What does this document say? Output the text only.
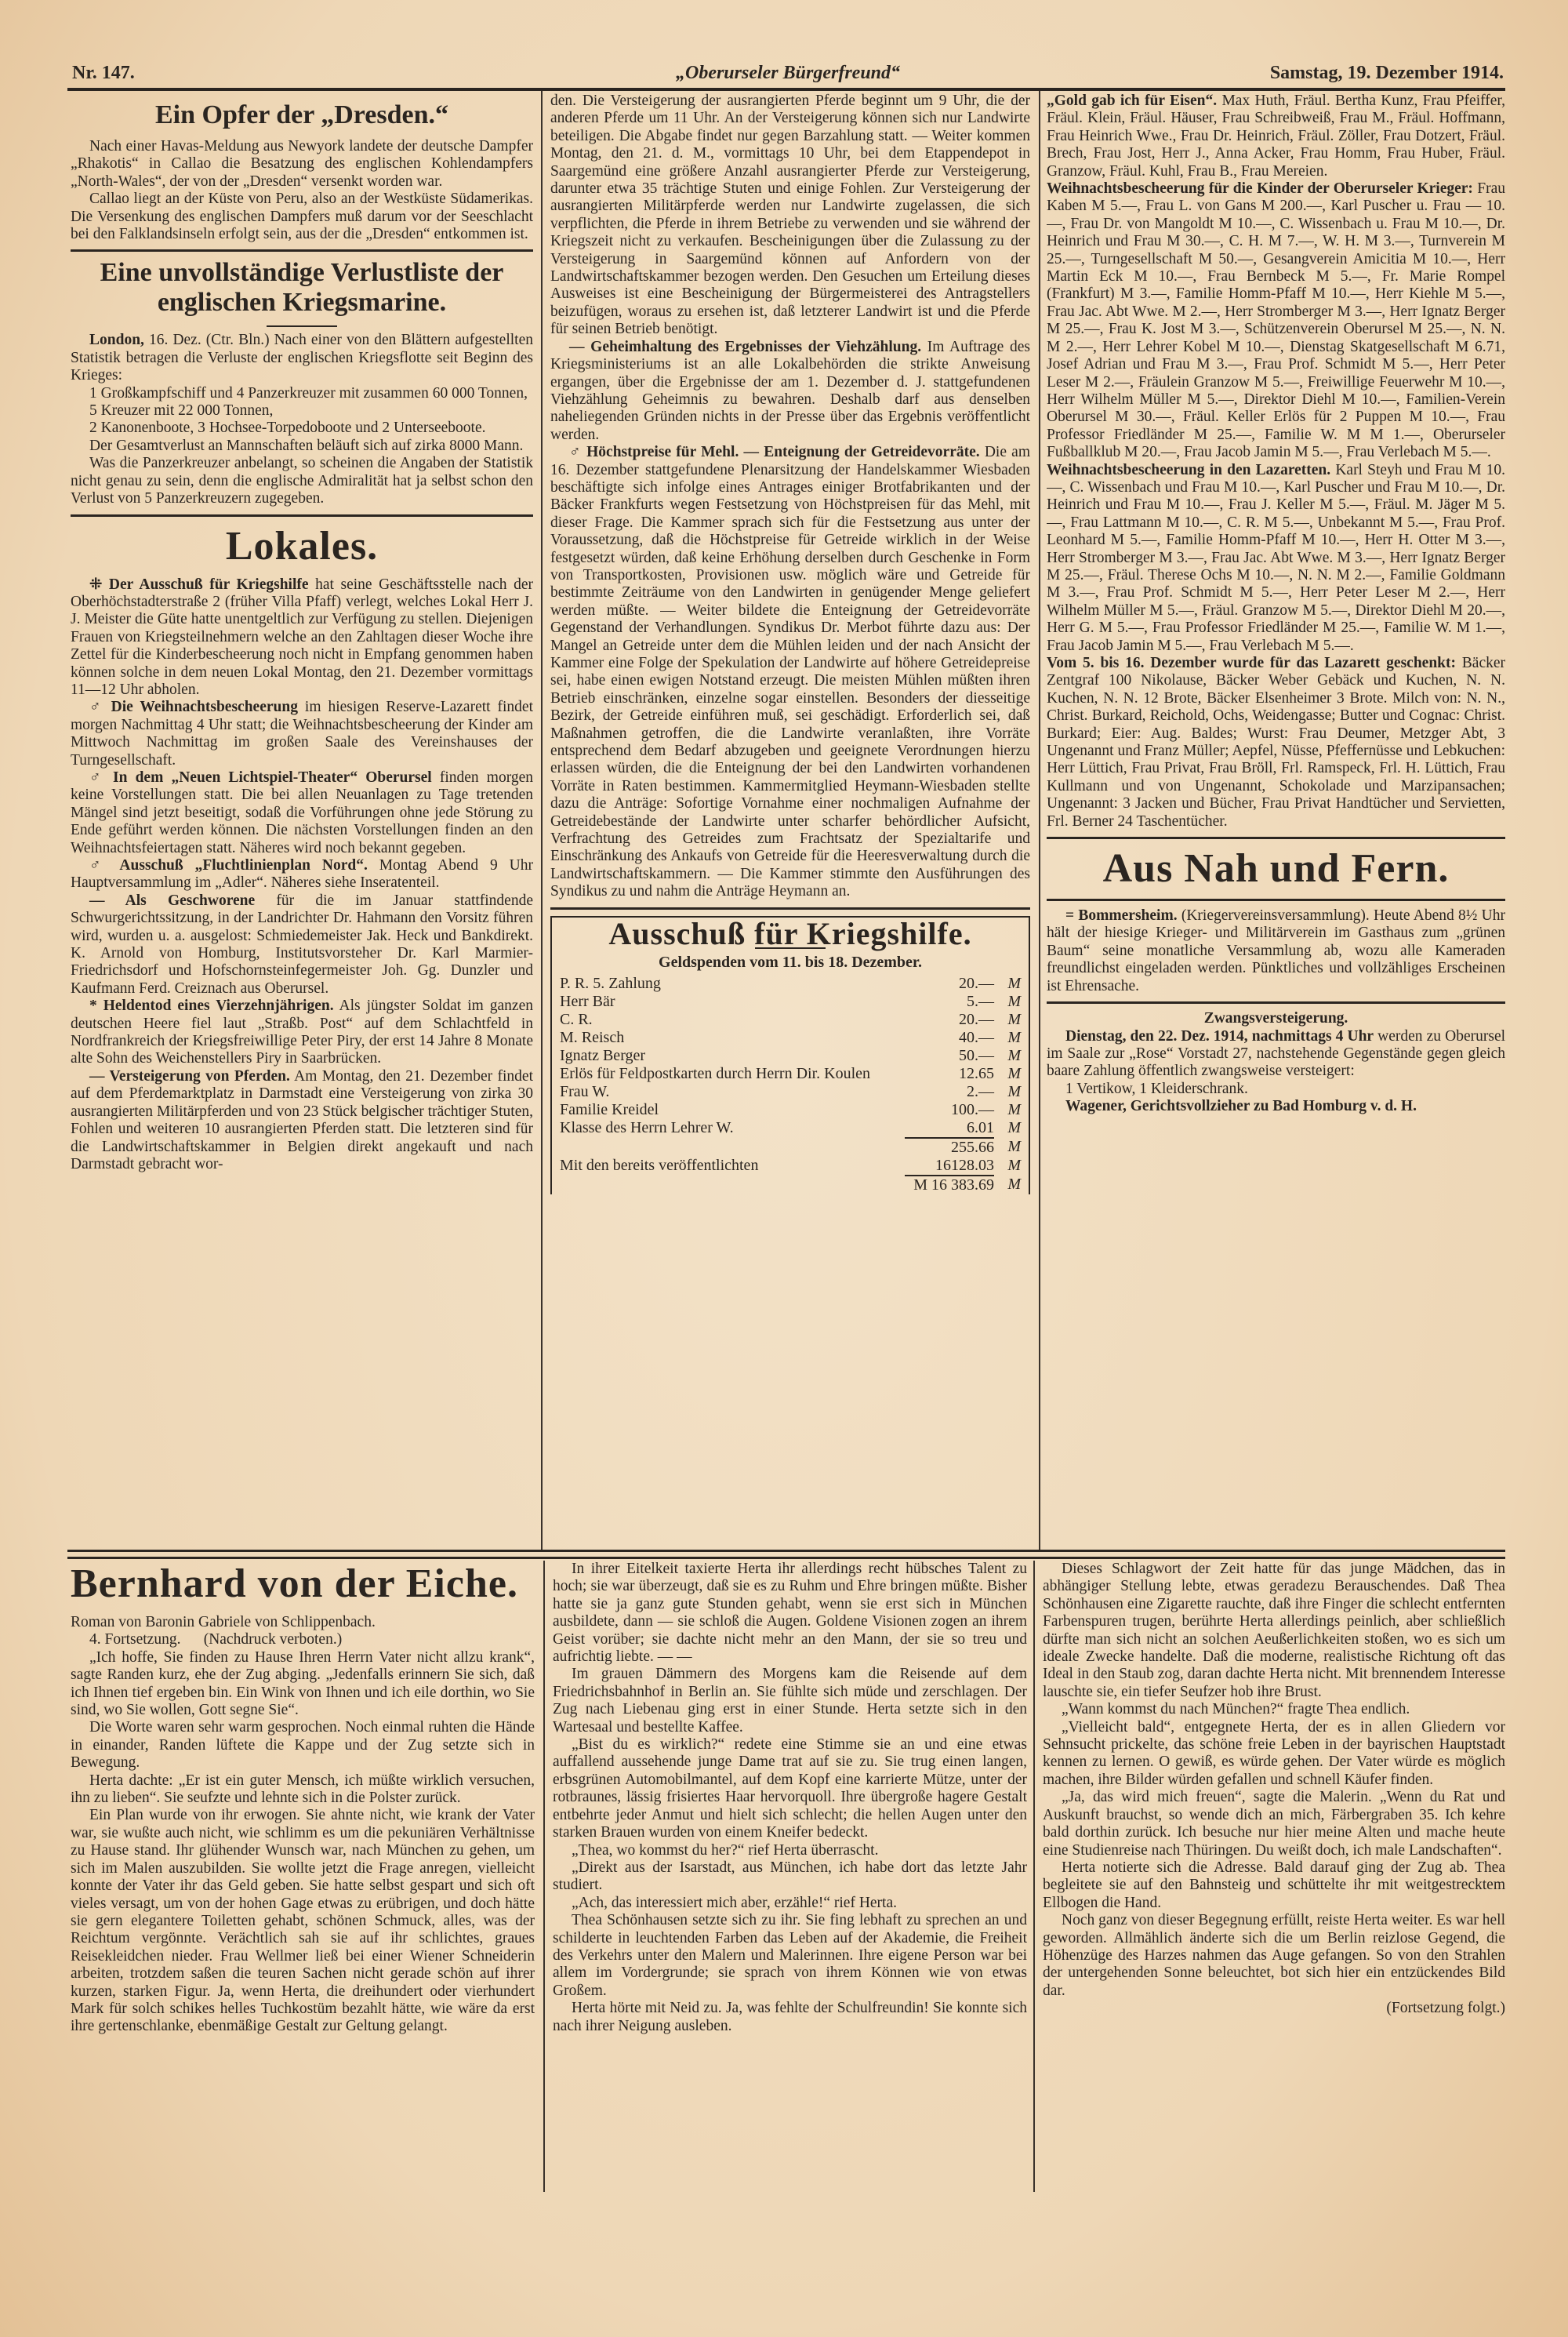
Nr. 147.	„Oberurseler Bürgerfreund“	Samstag, 19. Dezember 1914.
Ein Opfer der „Dresden.“

Nach einer Havas-Meldung aus Newyork landete der deutsche Dampfer „Rhakotis“ in Callao die Besatzung des englischen Kohlendampfers „North-Wales“, der von der „Dresden“ versenkt worden war.

Callao liegt an der Küste von Peru, also an der Westküste Südamerikas. Die Versenkung des englischen Dampfers muß darum vor der Seeschlacht bei den Falklandsinseln erfolgt sein, aus der die „Dresden“ entkommen ist.

Eine unvollständige Verlustliste der englischen Kriegsmarine.

London, 16. Dez. (Ctr. Bln.) Nach einer von den Blättern aufgestellten Statistik betragen die Verluste der englischen Kriegsflotte seit Beginn des Krieges:

1 Großkampfschiff und 4 Panzerkreuzer mit zusammen 60 000 Tonnen,

5 Kreuzer mit 22 000 Tonnen,

2 Kanonenboote, 3 Hochsee-Torpedoboote und 2 Unterseeboote.

Der Gesamtverlust an Mannschaften beläuft sich auf zirka 8000 Mann.

Was die Panzerkreuzer anbelangt, so scheinen die Angaben der Statistik nicht genau zu sein, denn die englische Admiralität hat ja selbst schon den Verlust von 5 Panzerkreuzern zugegeben.

Lokales.

⁜ Der Ausschuß für Kriegshilfe hat seine Geschäftsstelle nach der Oberhöchstadterstraße 2 (früher Villa Pfaff) verlegt, welches Lokal Herr J. J. Meister die Güte hatte unentgeltlich zur Verfügung zu stellen. Diejenigen Frauen von Kriegsteilnehmern welche an den Zahltagen dieser Woche ihre Zettel für die Kinderbescheerung noch nicht in Empfang genommen haben können solche in dem neuen Lokal Montag, den 21. Dezember vormittags 11—12 Uhr abholen.

♂ Die Weihnachtsbescheerung im hiesigen Reserve-Lazarett findet morgen Nachmittag 4 Uhr statt; die Weihnachtsbescheerung der Kinder am Mittwoch Nachmittag im großen Saale des Vereinshauses der Turngesellschaft.

♂ In dem „Neuen Lichtspiel-Theater“ Oberursel finden morgen keine Vorstellungen statt. Die bei allen Neuanlagen zu Tage tretenden Mängel sind jetzt beseitigt, sodaß die Vorführungen ohne jede Störung zu Ende geführt werden können. Die nächsten Vorstellungen finden an den Weihnachtsfeiertagen statt. Näheres wird noch bekannt gegeben.

♂ Ausschuß „Fluchtlinienplan Nord“. Montag Abend 9 Uhr Hauptversammlung im „Adler“. Näheres siehe Inseratenteil.

— Als Geschworene für die im Januar stattfindende Schwurgerichtssitzung, in der Landrichter Dr. Hahmann den Vorsitz führen wird, wurden u. a. ausgelost: Schmiedemeister Jak. Heck und Bankdirekt. K. Arnold von Homburg, Institutsvorsteher Dr. Karl Marmier-Friedrichsdorf und Hofschornsteinfegermeister Joh. Gg. Dunzler und Kaufmann Ferd. Creiznach aus Oberursel.

* Heldentod eines Vierzehnjährigen. Als jüngster Soldat im ganzen deutschen Heere fiel laut „Straßb. Post“ auf dem Schlachtfeld in Nordfrankreich der Kriegsfreiwillige Peter Piry, der erst 14 Jahre 8 Monate alte Sohn des Weichenstellers Piry in Saarbrücken.

— Versteigerung von Pferden. Am Montag, den 21. Dezember findet auf dem Pferdemarktplatz in Darmstadt eine Versteigerung von zirka 30 ausrangierten Militärpferden und von 23 Stück belgischer trächtiger Stuten, Fohlen und weiteren 10 ausrangierten Pferden statt. Die letzteren sind für die Landwirtschaftskammer in Belgien direkt angekauft und nach Darmstadt gebracht wor-

den. Die Versteigerung der ausrangierten Pferde beginnt um 9 Uhr, die der anderen Pferde um 11 Uhr. An der Versteigerung können sich nur Landwirte beteiligen. Die Abgabe findet nur gegen Barzahlung statt. — Weiter kommen Montag, den 21. d. M., vormittags 10 Uhr, bei dem Etappendepot in Saargemünd eine größere Anzahl ausrangierter Pferde zur Versteigerung, darunter etwa 35 trächtige Stuten und einige Fohlen. Zur Versteigerung der ausrangierten Militärpferde werden nur Landwirte zugelassen, die sich verpflichten, die Pferde in ihrem Betriebe zu verwenden und sie während der Kriegszeit nicht zu verkaufen. Bescheinigungen über die Zulassung zu der Versteigerung in Saargemünd können auf Anfordern von der Landwirtschaftskammer bezogen werden. Den Gesuchen um Erteilung dieses Ausweises ist eine Bescheinigung der Bürgermeisterei des Antragstellers beizufügen, woraus zu ersehen ist, daß letzterer Landwirt ist und die Pferde für seinen Betrieb benötigt.

— Geheimhaltung des Ergebnisses der Viehzählung. Im Auftrage des Kriegsministeriums ist an alle Lokalbehörden die strikte Anweisung ergangen, über die Ergebnisse der am 1. Dezember d. J. stattgefundenen Viehzählung Geheimnis zu bewahren. Deshalb darf aus denselben naheliegenden Gründen nichts in der Presse über das Ergebnis veröffentlicht werden.

♂ Höchstpreise für Mehl. — Enteignung der Getreidevorräte. Die am 16. Dezember stattgefundene Plenarsitzung der Handelskammer Wiesbaden beschäftigte sich infolge eines Antrages einiger Brotfabrikanten und der Bäcker Frankfurts wegen Festsetzung von Höchstpreisen für das Mehl, mit dieser Frage. Die Kammer sprach sich für die Festsetzung aus unter der Voraussetzung, daß die Höchstpreise für Getreide wirklich in der Weise festgesetzt würden, daß keine Erhöhung derselben durch Geschenke in Form von Transportkosten, Provisionen usw. möglich wäre und Getreide für bestimmte Zeiträume von den Landwirten in genügender Menge geliefert werden müßte. — Weiter bildete die Enteignung der Getreidevorräte Gegenstand der Verhandlungen. Syndikus Dr. Merbot führte dazu aus: Der Mangel an Getreide unter dem die Mühlen leiden und der nach Ansicht der Kammer eine Folge der Spekulation der Landwirte auf höhere Getreidepreise sei, habe einen ewigen Notstand erzeugt. Die meisten Mühlen müßten ihren Betrieb einschränken, einzelne sogar einstellen. Besonders der diesseitige Bezirk, der Getreide einführen muß, sei geschädigt. Erforderlich sei, daß Maßnahmen getroffen, die die Landwirte veranlaßten, ihre Vorräte entsprechend dem Bedarf abzugeben und geeignete Verordnungen hierzu erlassen würden, die die Enteignung der bei den Landwirten vorhandenen Vorräte in Raten bestimmen. Kammermitglied Heymann-Wiesbaden stellte dazu die Anträge: Sofortige Vornahme einer nochmaligen Aufnahme der Getreidebestände der Landwirte unter scharfer behördlicher Aufsicht, Verfrachtung des Getreides zum Frachtsatz der Spezialtarife und Einschränkung des Ankaufs von Getreide für die Heeresverwaltung durch die Landwirtschaftskammern. — Die Kammer stimmte den Ausführungen des Syndikus zu und nahm die Anträge Heymann an.

Ausschuß für Kriegshilfe.
Geldspenden vom 11. bis 18. Dezember.
P. R. 5. Zahlung	20.—	M
Herr Bär	5.—	M
C. R.	20.—	M
M. Reisch	40.—	M
Ignatz Berger	50.—	M
Erlös für Feldpostkarten durch Herrn Dir. Koulen	12.65	M
Frau W.	2.—	M
Familie Kreidel	100.—	M
Klasse des Herrn Lehrer W.	6.01	M
	255.66	M
Mit den bereits veröffentlichten	16128.03	M
	M 16 383.69	M

„Gold gab ich für Eisen“. Max Huth, Fräul. Bertha Kunz, Frau Pfeiffer, Fräul. Klein, Fräul. Häuser, Frau Schreibweiß, Frau M., Fräul. Hoffmann, Frau Heinrich Wwe., Frau Dr. Heinrich, Fräul. Zöller, Frau Dotzert, Fräul. Brech, Frau Jost, Herr J., Anna Acker, Frau Homm, Frau Huber, Fräul. Granzow, Fräul. Kuhl, Frau B., Frau Mereien.

Weihnachtsbescheerung für die Kinder der Oberurseler Krieger: Frau Kaben M 5.—, Frau L. von Gans M 200.—, Karl Puscher u. Frau — 10.—, Frau Dr. von Mangoldt M 10.—, C. Wissenbach u. Frau M 10.—, Dr. Heinrich und Frau M 30.—, C. H. M 7.—, W. H. M 3.—, Turnverein M 25.—, Turngesellschaft M 50.—, Gesangverein Amicitia M 10.—, Herr Martin Eck M 10.—, Frau Bernbeck M 5.—, Fr. Marie Rompel (Frankfurt) M 3.—, Familie Homm-Pfaff M 10.—, Herr Kiehle M 5.—, Frau Jac. Abt Wwe. M 2.—, Herr Stromberger M 3.—, Herr Ignatz Berger M 25.—, Frau K. Jost M 3.—, Schützenverein Oberursel M 25.—, N. N. M 2.—, Herr Lehrer Kobel M 10.—, Dienstag Skatgesellschaft M 6.71, Josef Adrian und Frau M 3.—, Frau Prof. Schmidt M 5.—, Herr Peter Leser M 2.—, Fräulein Granzow M 5.—, Freiwillige Feuerwehr M 10.—, Herr Wilhelm Müller M 5.—, Direktor Diehl M 10.—, Familien-Verein Oberursel M 30.—, Fräul. Keller Erlös für 2 Puppen M 10.—, Frau Professor Friedländer M 25.—, Familie W. M M 1.—, Oberurseler Fußballklub M 20.—, Frau Jacob Jamin M 5.—, Frau Verlebach M 5.—.

Weihnachtsbescheerung in den Lazaretten. Karl Steyh und Frau M 10.—, C. Wissenbach und Frau M 10.—, Karl Puscher und Frau M 10.—, Dr. Heinrich und Frau M 10.—, Frau J. Keller M 5.—, Fräul. M. Jäger M 5.—, Frau Lattmann M 10.—, C. R. M 5.—, Unbekannt M 5.—, Frau Prof. Leonhard M 5.—, Familie Homm-Pfaff M 10.—, Herr H. Otter M 3.—, Herr Stromberger M 3.—, Frau Jac. Abt Wwe. M 3.—, Herr Ignatz Berger M 25.—, Fräul. Therese Ochs M 10.—, N. N. M 2.—, Familie Goldmann M 3.—, Frau Prof. Schmidt M 5.—, Herr Peter Leser M 2.—, Herr Wilhelm Müller M 5.—, Fräul. Granzow M 5.—, Direktor Diehl M 20.—, Herr G. M 5.—, Frau Professor Friedländer M 25.—, Familie W. M 1.—, Frau Jacob Jamin M 5.—, Frau Verlebach M 5.—.

Vom 5. bis 16. Dezember wurde für das Lazarett geschenkt: Bäcker Zentgraf 100 Nikolause, Bäcker Weber Gebäck und Kuchen, N. N. Kuchen, N. N. 12 Brote, Bäcker Elsenheimer 3 Brote. Milch von: N. N., Christ. Burkard, Reichold, Ochs, Weidengasse; Butter und Cognac: Christ. Burkard; Eier: Aug. Baldes; Wurst: Frau Deumer, Metzger Abt, 3 Ungenannt und Franz Müller; Aepfel, Nüsse, Pfeffernüsse und Lebkuchen: Herr Lüttich, Frau Privat, Frau Bröll, Frl. Ramspeck, Frl. H. Lüttich, Frau Kullmann und von Ungenannt, Schokolade und Marzipansachen; Ungenannt: 3 Jacken und Bücher, Frau Privat Handtücher und Servietten, Frl. Berner 24 Taschentücher.

Aus Nah und Fern.

= Bommersheim. (Kriegervereinsversammlung). Heute Abend 8½ Uhr hält der hiesige Krieger- und Militärverein im Gasthaus zum „grünen Baum“ seine monatliche Versammlung ab, wozu alle Kameraden freundlichst eingeladen werden. Pünktliches und vollzähliges Erscheinen ist Ehrensache.

Zwangsversteigerung.

Dienstag, den 22. Dez. 1914, nachmittags 4 Uhr werden zu Oberursel im Saale zur „Rose“ Vorstadt 27, nachstehende Gegenstände gegen gleich baare Zahlung öffentlich zwangsweise versteigert:

1 Vertikow, 1 Kleiderschrank.

Wagener, Gerichtsvollzieher zu Bad Homburg v. d. H.

Bernhard von der Eiche.

Roman von Baronin Gabriele von Schlippenbach.

4. Fortsetzung. (Nachdruck verboten.)

„Ich hoffe, Sie finden zu Hause Ihren Herrn Vater nicht allzu krank“, sagte Randen kurz, ehe der Zug abging. „Jedenfalls erinnern Sie sich, daß ich Ihnen tief ergeben bin. Ein Wink von Ihnen und ich eile dorthin, wo Sie sind, wo Sie wollen, Gott segne Sie“.

Die Worte waren sehr warm gesprochen. Noch einmal ruhten die Hände in einander, Randen lüftete die Kappe und der Zug setzte sich in Bewegung.

Herta dachte: „Er ist ein guter Mensch, ich müßte wirklich versuchen, ihn zu lieben“. Sie seufzte und lehnte sich in die Polster zurück.

Ein Plan wurde von ihr erwogen. Sie ahnte nicht, wie krank der Vater war, sie wußte auch nicht, wie schlimm es um die pekuniären Verhältnisse zu Hause stand. Ihr glühender Wunsch war, nach München zu gehen, um sich im Malen auszubilden. Sie wollte jetzt die Frage anregen, vielleicht konnte der Vater ihr das Geld geben. Sie hatte selbst gespart und sich oft vieles versagt, um von der hohen Gage etwas zu erübrigen, und doch hätte sie gern elegantere Toiletten gehabt, schönen Schmuck, alles, was der Reichtum vergönnte. Verächtlich sah sie auf ihr schlichtes, graues Reisekleidchen nieder. Frau Wellmer ließ bei einer Wiener Schneiderin arbeiten, trotzdem saßen die teuren Sachen nicht gerade schön auf ihrer kurzen, starken Figur. Ja, wenn Herta, die dreihundert oder vierhundert Mark für solch schikes helles Tuchkostüm bezahlt hätte, wie wäre da erst ihre gertenschlanke, ebenmäßige Gestalt zur Geltung gelangt.

In ihrer Eitelkeit taxierte Herta ihr allerdings recht hübsches Talent zu hoch; sie war überzeugt, daß sie es zu Ruhm und Ehre bringen müßte. Bisher hatte sie ja ganz gute Stunden gehabt, wenn sie erst sich in München ausbildete, dann — sie schloß die Augen. Goldene Visionen zogen an ihrem Geist vorüber; sie dachte nicht mehr an den Mann, der sie so treu und aufrichtig liebte. — —

Im grauen Dämmern des Morgens kam die Reisende auf dem Friedrichsbahnhof in Berlin an. Sie fühlte sich müde und zerschlagen. Der Zug nach Liebenau ging erst in einer Stunde. Herta setzte sich in den Wartesaal und bestellte Kaffee.

„Bist du es wirklich?“ redete eine Stimme sie an und eine etwas auffallend aussehende junge Dame trat auf sie zu. Sie trug einen langen, erbsgrünen Automobilmantel, auf dem Kopf eine karrierte Mütze, unter der rotbraunes, lässig frisiertes Haar hervorquoll. Ihre übergroße hagere Gestalt entbehrte jeder Anmut und hielt sich schlecht; die hellen Augen unter den starken Brauen wurden von einem Kneifer bedeckt.

„Thea, wo kommst du her?“ rief Herta überrascht.

„Direkt aus der Isarstadt, aus München, ich habe dort das letzte Jahr studiert.

„Ach, das interessiert mich aber, erzähle!“ rief Herta.

Thea Schönhausen setzte sich zu ihr. Sie fing lebhaft zu sprechen an und schilderte in leuchtenden Farben das Leben auf der Akademie, die Freiheit des Verkehrs unter den Malern und Malerinnen. Ihre eigene Person war bei allem im Vordergrunde; sie sprach von ihrem Können wie von etwas Großem.

Herta hörte mit Neid zu. Ja, was fehlte der Schulfreundin! Sie konnte sich nach ihrer Neigung ausleben.

Dieses Schlagwort der Zeit hatte für das junge Mädchen, das in abhängiger Stellung lebte, etwas geradezu Berauschendes. Daß Thea Schönhausen eine Zigarette rauchte, daß ihre Finger die schlecht entfernten Farbenspuren trugen, berührte Herta allerdings peinlich, aber schließlich dürfte man sich nicht an solchen Aeußerlichkeiten stoßen, wo es sich um ideale Zwecke handelte. Daß die moderne, realistische Richtung oft das Ideal in den Staub zog, daran dachte Herta nicht. Mit brennendem Interesse lauschte sie, ein tiefer Seufzer hob ihre Brust.

„Wann kommst du nach München?“ fragte Thea endlich.

„Vielleicht bald“, entgegnete Herta, der es in allen Gliedern vor Sehnsucht prickelte, das schöne freie Leben in der bayrischen Hauptstadt kennen zu lernen. O gewiß, es würde gehen. Der Vater würde es möglich machen, ihre Bilder würden gefallen und schnell Käufer finden.

„Ja, das wird mich freuen“, sagte die Malerin. „Wenn du Rat und Auskunft brauchst, so wende dich an mich, Färbergraben 35. Ich kehre bald dorthin zurück. Ich besuche nur hier meine Alten und mache heute eine Studienreise nach Thüringen. Du weißt doch, ich male Landschaften“.

Herta notierte sich die Adresse. Bald darauf ging der Zug ab. Thea begleitete sie auf den Bahnsteig und schüttelte ihr mit weitgestrecktem Ellbogen die Hand.

Noch ganz von dieser Begegnung erfüllt, reiste Herta weiter. Es war hell geworden. Allmählich änderte sich die um Berlin reizlose Gegend, die Höhenzüge des Harzes nahmen das Auge gefangen. So von den Strahlen der untergehenden Sonne beleuchtet, bot sich hier ein entzückendes Bild dar.

(Fortsetzung folgt.)
